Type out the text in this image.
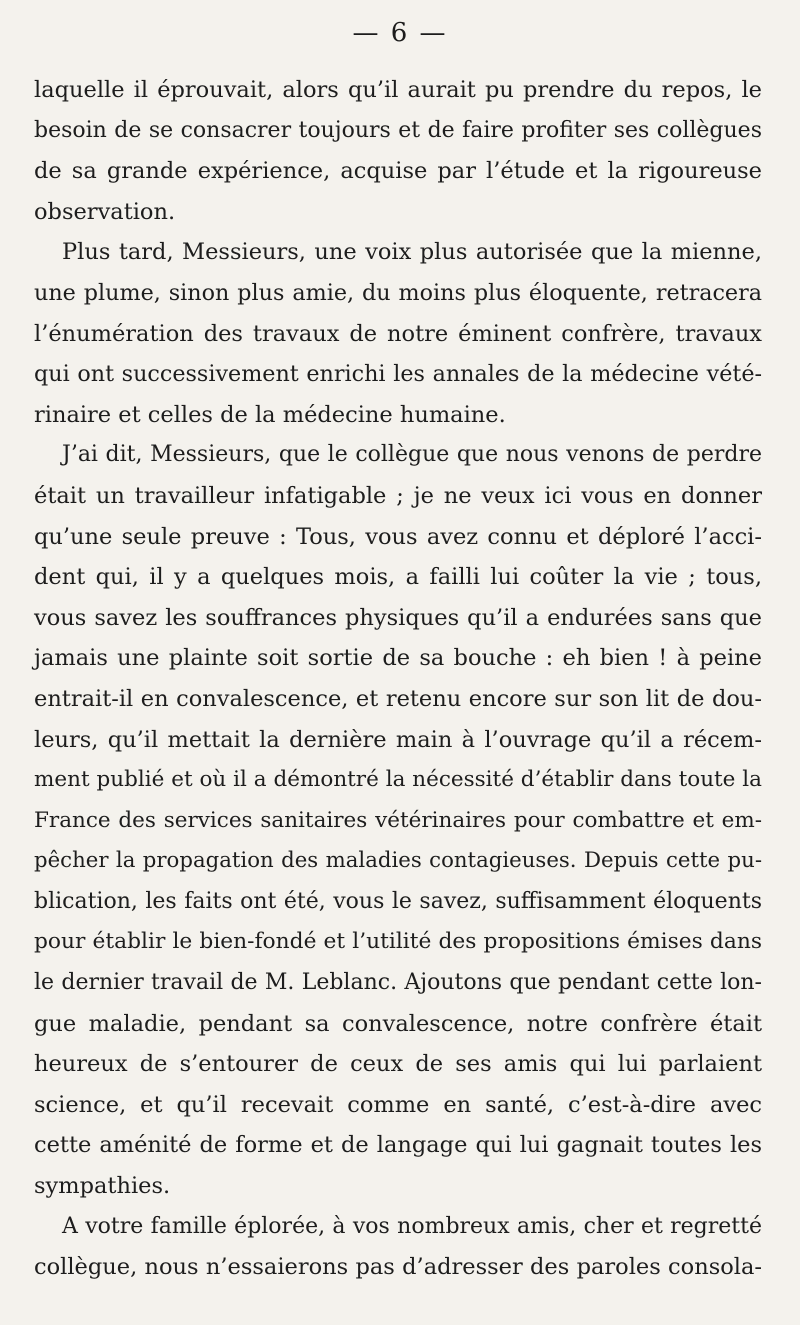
— 6 —
laquelle il éprouvait, alors qu’il aurait pu prendre du repos, le
besoin de se consacrer toujours et de faire profiter ses collègues
de sa grande expérience, acquise par l’étude et la rigoureuse
observation.
Plus tard, Messieurs, une voix plus autorisée que la mienne,
une plume, sinon plus amie, du moins plus éloquente, retracera
l’énumération des travaux de notre éminent confrère, travaux
qui ont successivement enrichi les annales de la médecine vété-
rinaire et celles de la médecine humaine.
J’ai dit, Messieurs, que le collègue que nous venons de perdre
était un travailleur infatigable ; je ne veux ici vous en donner
qu’une seule preuve : Tous, vous avez connu et déploré l’acci-
dent qui, il y a quelques mois, a failli lui coûter la vie ; tous,
vous savez les souffrances physiques qu’il a endurées sans que
jamais une plainte soit sortie de sa bouche : eh bien ! à peine
entrait-il en convalescence, et retenu encore sur son lit de dou-
leurs, qu’il mettait la dernière main à l’ouvrage qu’il a récem-
ment publié et où il a démontré la nécessité d’établir dans toute la
France des services sanitaires vétérinaires pour combattre et em-
pêcher la propagation des maladies contagieuses. Depuis cette pu-
blication, les faits ont été, vous le savez, suffisamment éloquents
pour établir le bien-fondé et l’utilité des propositions émises dans
le dernier travail de M. Leblanc. Ajoutons que pendant cette lon-
gue maladie, pendant sa convalescence, notre confrère était
heureux de s’entourer de ceux de ses amis qui lui parlaient
science, et qu’il recevait comme en santé, c’est-à-dire avec
cette aménité de forme et de langage qui lui gagnait toutes les
sympathies.
A votre famille éplorée, à vos nombreux amis, cher et regretté
collègue, nous n’essaierons pas d’adresser des paroles consola-
